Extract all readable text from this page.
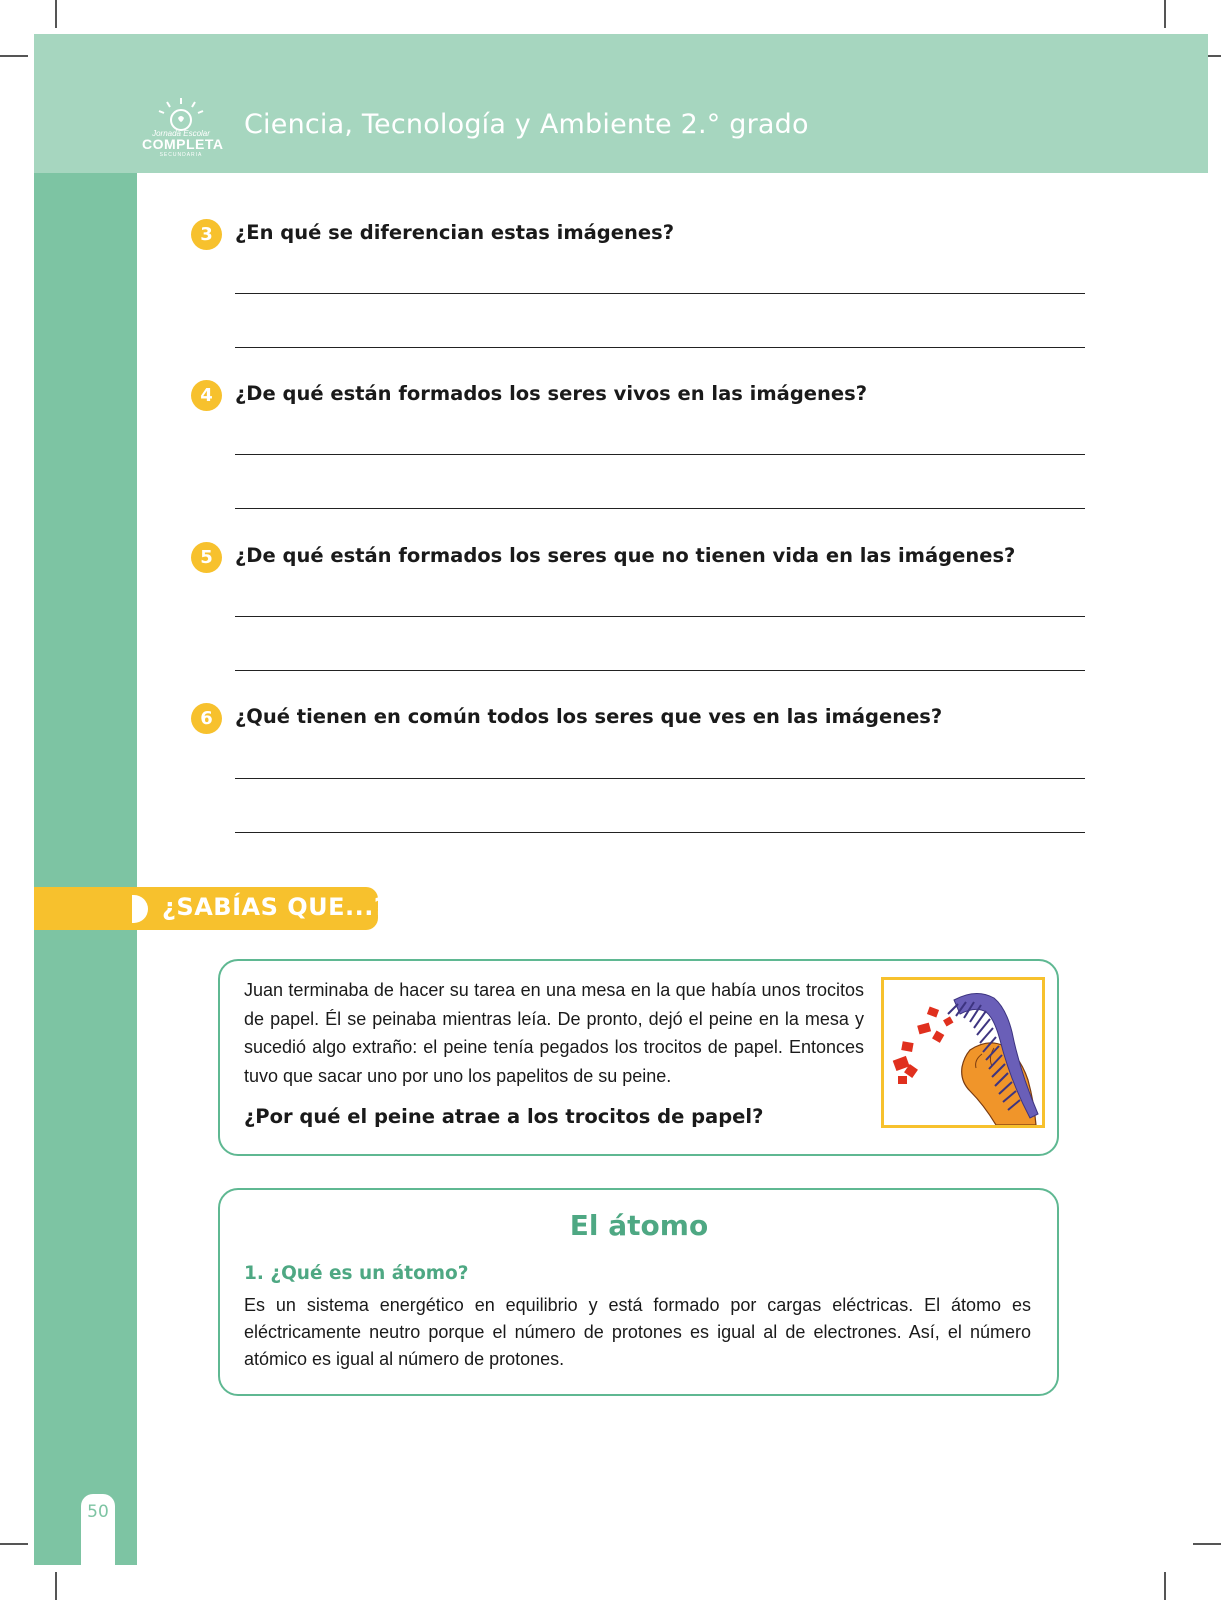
Jornada Escolar
COMPLETA
SECUNDARIA
Ciencia, Tecnología y Ambiente 2.° grado
50
3	¿En qué se diferencian estas imágenes?
4	¿De qué están formados los seres vivos en las imágenes?
5	¿De qué están formados los seres que no tienen vida en las imágenes?
6	¿Qué tienen en común todos los seres que ves en las imágenes?
¿SABÍAS QUE...?
Juan terminaba de hacer su tarea en una mesa en la que había unos trocitos de papel. Él se peinaba mientras leía. De pronto, dejó el peine en la mesa y sucedió algo extraño: el peine tenía pegados los trocitos de papel. Entonces tuvo que sacar uno por uno los papelitos de su peine.
¿Por qué el peine atrae a los trocitos de papel?
El átomo
1. ¿Qué es un átomo?
Es un sistema energético en equilibrio y está formado por cargas eléctricas. El átomo es eléctricamente neutro porque el número de protones es igual al de electrones. Así, el número atómico es igual al número de protones.
